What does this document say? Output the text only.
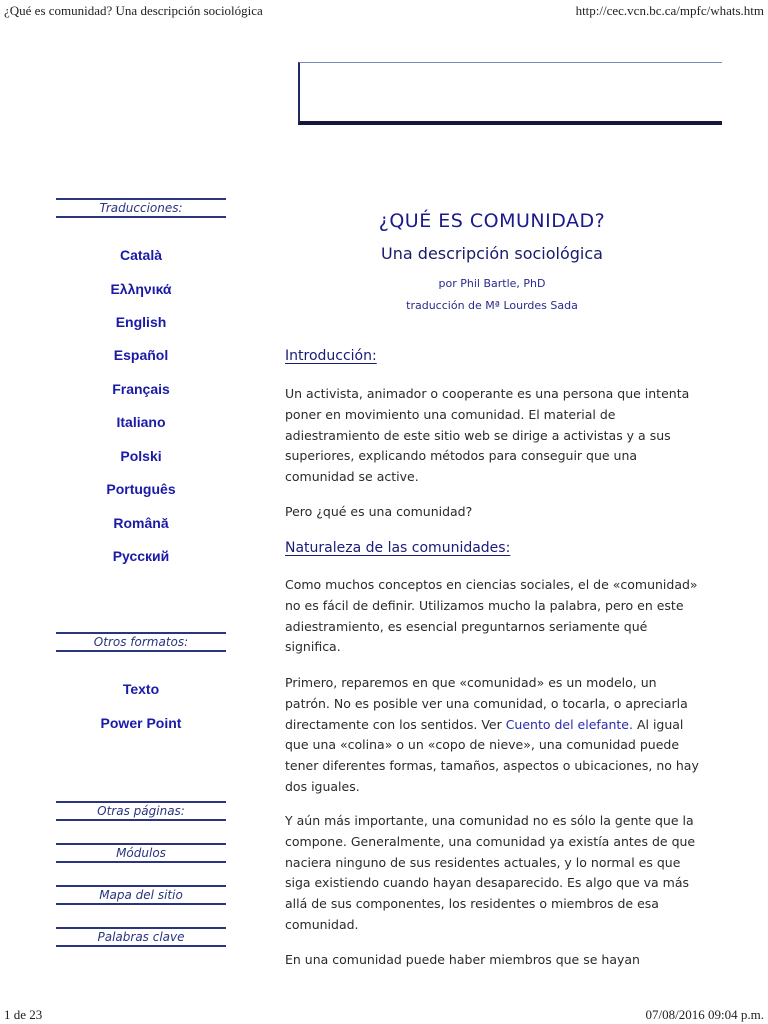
¿Qué es comunidad? Una descripción sociológica	http://cec.vcn.bc.ca/mpfc/whats.htm
Traducciones:
Català
Ελληνικά
English
Español
Français
Italiano
Polski
Português
Română
Русский
Otros formatos:
Texto
Power Point
Otras páginas:
Módulos
Mapa del sitio
Palabras clave
¿QUÉ ES COMUNIDAD?
Una descripción sociológica
por Phil Bartle, PhD
traducción de Mª Lourdes Sada
Introducción:
Un activista, animador o cooperante es una persona que intenta poner en movimiento una comunidad. El material de adiestramiento de este sitio web se dirige a activistas y a sus superiores, explicando métodos para conseguir que una comunidad se active.
Pero ¿qué es una comunidad?
Naturaleza de las comunidades:
Como muchos conceptos en ciencias sociales, el de «comunidad» no es fácil de definir. Utilizamos mucho la palabra, pero en este adiestramiento, es esencial preguntarnos seriamente qué significa.
Primero, reparemos en que «comunidad» es un modelo, un patrón. No es posible ver una comunidad, o tocarla, o apreciarla directamente con los sentidos. Ver Cuento del elefante. Al igual que una «colina» o un «copo de nieve», una comunidad puede tener diferentes formas, tamaños, aspectos o ubicaciones, no hay dos iguales.
Y aún más importante, una comunidad no es sólo la gente que la compone. Generalmente, una comunidad ya existía antes de que naciera ninguno de sus residentes actuales, y lo normal es que siga existiendo cuando hayan desaparecido. Es algo que va más allá de sus componentes, los residentes o miembros de esa comunidad.
En una comunidad puede haber miembros que se hayan
1 de 23	07/08/2016 09:04 p.m.
